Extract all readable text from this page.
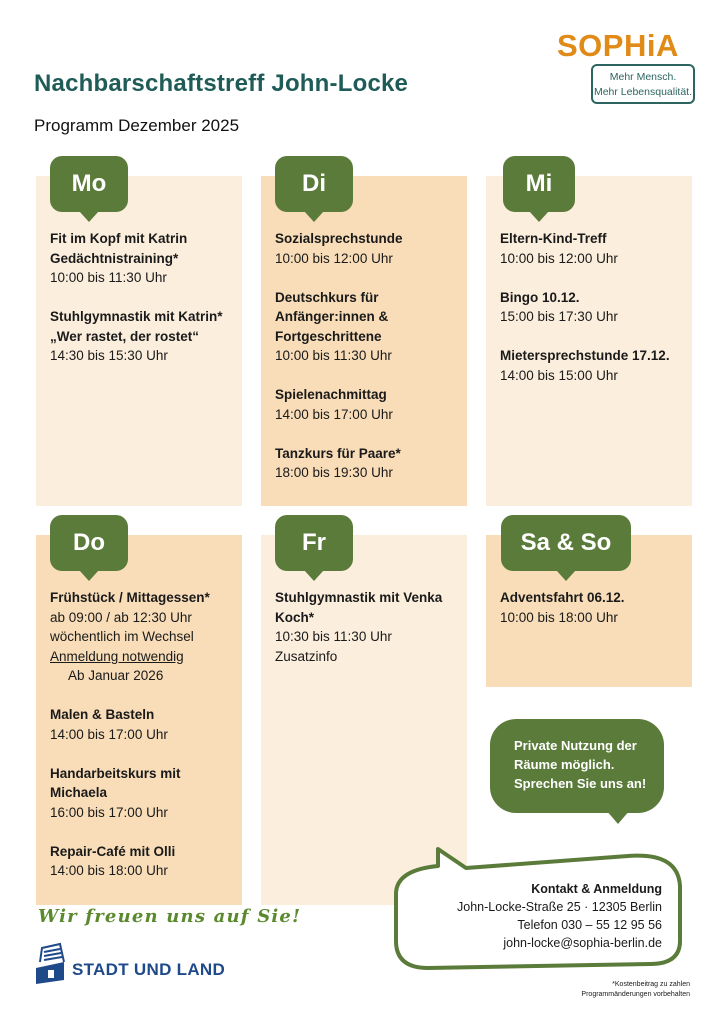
Nachbarschaftstreff John-Locke
Programm Dezember 2025
SOPHiA
Mehr Mensch.
Mehr Lebensqualität.
Fit im Kopf mit Katrin Gedächtnistraining*
10:00 bis 11:30 Uhr
Stuhlgymnastik mit Katrin*
„Wer rastet, der rostet“
14:30 bis 15:30 Uhr
Sozialsprechstunde
10:00 bis 12:00 Uhr
Deutschkurs für Anfänger:innen & Fortgeschrittene
10:00 bis 11:30 Uhr
Spielenachmittag
14:00 bis 17:00 Uhr
Tanzkurs für Paare*
18:00 bis 19:30 Uhr
Eltern-Kind-Treff
10:00 bis 12:00 Uhr
Bingo 10.12.
15:00 bis 17:30 Uhr
Mietersprechstunde 17.12.
14:00 bis 15:00 Uhr
Frühstück / Mittagessen*
ab 09:00 / ab 12:30 Uhr
wöchentlich im Wechsel
Anmeldung notwendig
Ab Januar 2026
Malen & Basteln
14:00 bis 17:00 Uhr
Handarbeitskurs mit Michaela
16:00 bis 17:00 Uhr
Repair-Café mit Olli
14:00 bis 18:00 Uhr
Stuhlgymnastik mit Venka Koch*
10:30 bis 11:30 Uhr
Zusatzinfo
Adventsfahrt 06.12.
10:00 bis 18:00 Uhr
Wir freuen uns auf Sie!
STADT UND LAND
Private Nutzung der Räume möglich. Sprechen Sie uns an!
Kontakt & Anmeldung
John-Locke-Straße 25 · 12305 Berlin
Telefon 030 – 55 12 95 56
john-locke@sophia-berlin.de
*Kostenbeitrag zu zahlen
Programmänderungen vorbehalten
Mo	Di	Mi
Do	Fr	Sa & So
